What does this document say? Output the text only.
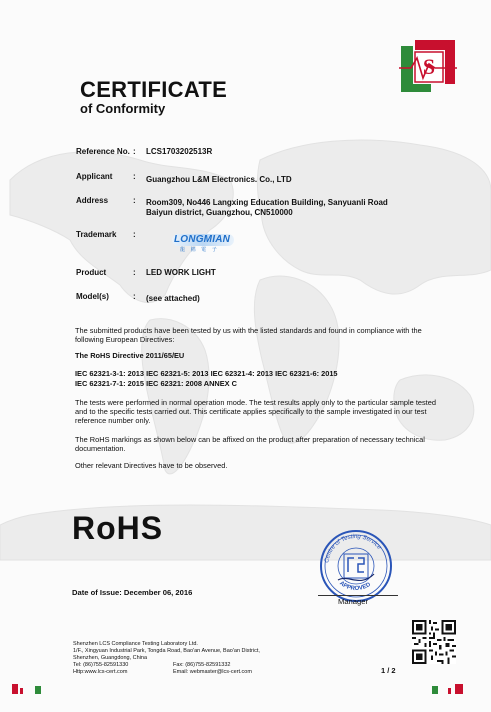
S
CERTIFICATE
of Conformity
Reference No. : LCS1703202513R
Applicant	: Guangzhou L&M Electronics. Co., LTD
Address	: Room309, No446 Langxing Education Building, Sanyuanli Road
Baiyun district, Guangzhou, CN510000
Trademark :	LONGMIAN
龍 棉 電 子
Product	: LED WORK LIGHT
Model(s)	: (see attached)
The submitted products have been tested by us with the listed standards and found in compliance with the following European Directives:
The RoHS Directive 2011/65/EU
IEC 62321-3-1: 2013 IEC 62321-5: 2013 IEC 62321-4: 2013 IEC 62321-6: 2015
IEC 62321-7-1: 2015 IEC 62321: 2008 ANNEX C
The tests were performed in normal operation mode. The test results apply only to the particular sample tested and to the specific tests carried out. This certificate applies specifically to the sample investigated in our test reference number only.
The RoHS markings as shown below can be affixed on the product after preparation of necessary technical documentation.
Other relevant Directives have to be observed.
RoHS
Centre of Testing Service
APPROVED
Date of Issue: December 06, 2016
Manager
Shenzhen LCS Compliance Testing Laboratory Ltd.
1/F., Xingyuan Industrial Park, Tongda Road, Bao'an Avenue, Bao'an District,
Shenzhen, Guangdong, China
Tel: (86)755-82591330
Http:www.lcs-cert.com
Fax: (86)755-82591332
Email: webmaster@lcs-cert.com	1 / 2
